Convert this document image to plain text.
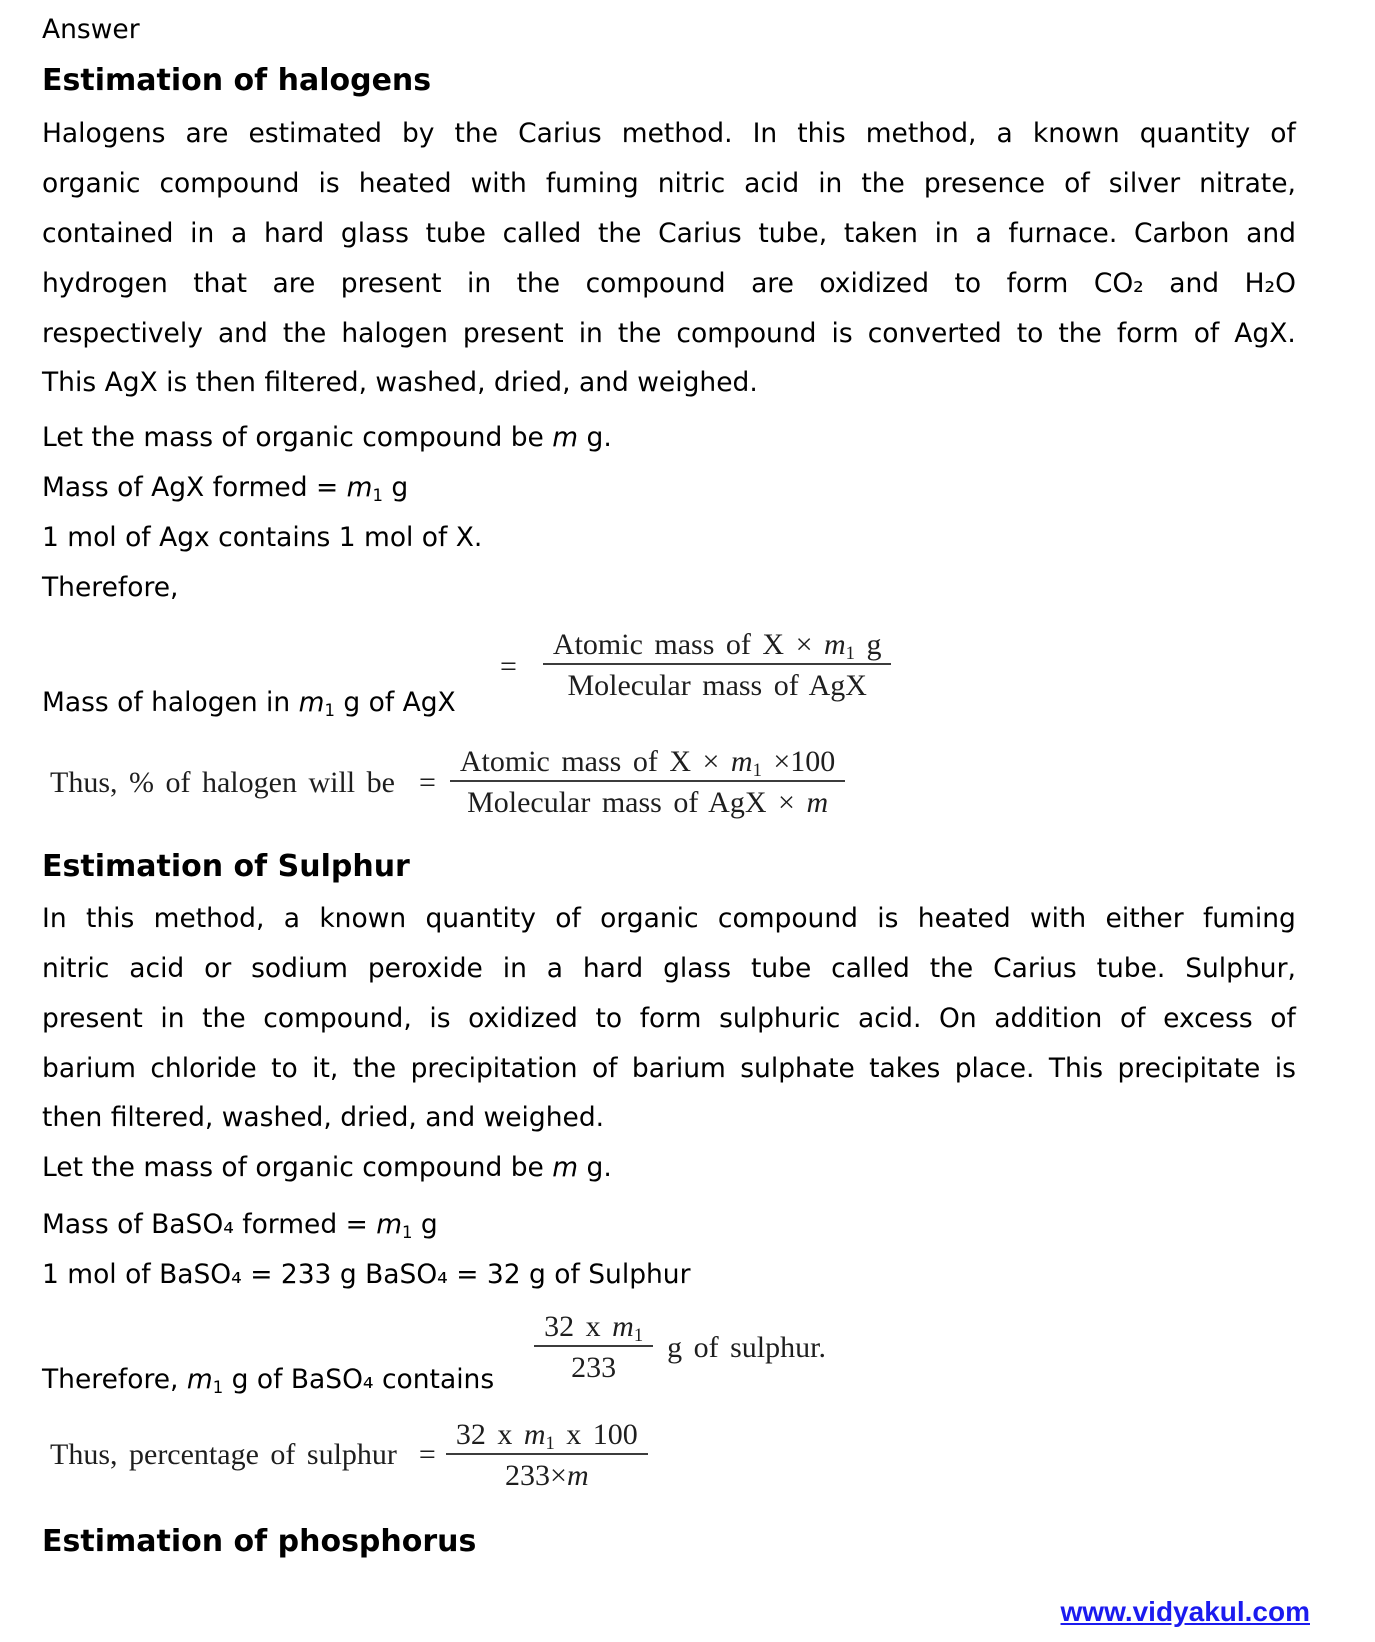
Answer
Estimation of halogens
Halogens are estimated by the Carius method. In this method, a known quantity of
organic compound is heated with fuming nitric acid in the presence of silver nitrate,
contained in a hard glass tube called the Carius tube, taken in a furnace. Carbon and
hydrogen that are present in the compound are oxidized to form CO₂ and H₂O
respectively and the halogen present in the compound is converted to the form of AgX.
This AgX is then filtered, washed, dried, and weighed.
Let the mass of organic compound be m g.
Mass of AgX formed = $m_1$ g
1 mol of Agx contains 1 mol of X.
Therefore,
Mass of halogen in $m_1$ g of AgX
= $\frac{Atomic mass of X \times m_1 g}{\text{Molecular mass of AgX}}$
Thus, % of halogen will be = $\frac{Atomic mass of X \times m_1 \times 100}{\text{Molecular mass of AgX × m}}$
Estimation of Sulphur
In this method, a known quantity of organic compound is heated with either fuming
nitric acid or sodium peroxide in a hard glass tube called the Carius tube. Sulphur,
present in the compound, is oxidized to form sulphuric acid. On addition of excess of
barium chloride to it, the precipitation of barium sulphate takes place. This precipitate is
then filtered, washed, dried, and weighed.
Let the mass of organic compound be m g.
Mass of BaSO₄ formed = $m_1$ g
1 mol of BaSO₄ = 233 g BaSO₄ = 32 g of Sulphur
Therefore, $m_1$ g of BaSO₄ contains $\frac{32 x m_1}{233}$ g of sulphur.
Thus, percentage of sulphur = $\frac{32 x m_1 x 100}{233\times m}$
Estimation of phosphorus
www.vidyakul.com
